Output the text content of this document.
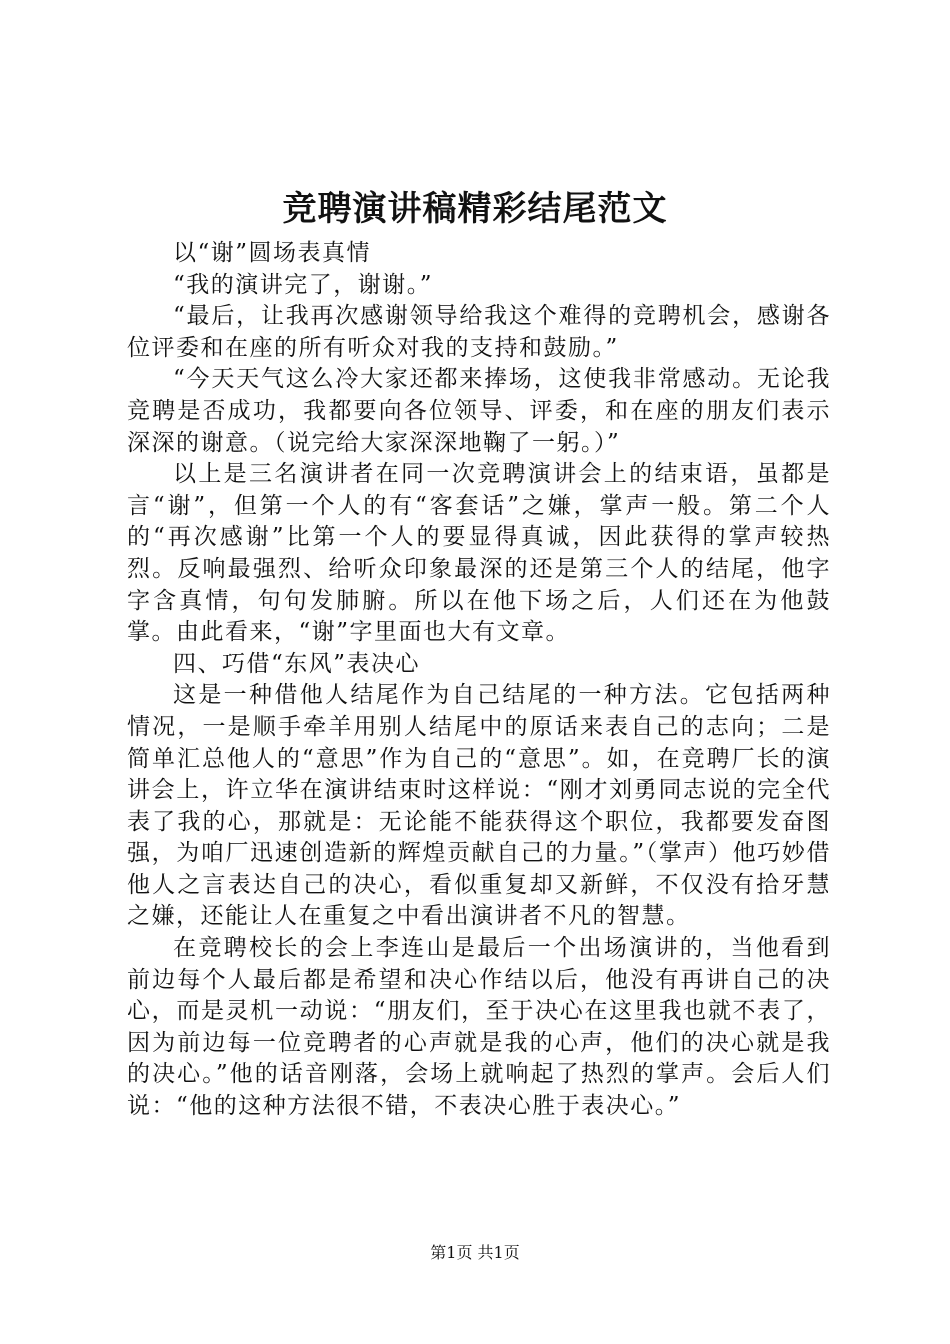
竞聘演讲稿精彩结尾范文

以“谢”圆场表真情

“我的演讲完了，谢谢。”

“最后，让我再次感谢领导给我这个难得的竞聘机会，感谢各位评委和在座的所有听众对我的支持和鼓励。”

“今天天气这么冷大家还都来捧场，这使我非常感动。无论我竞聘是否成功，我都要向各位领导、评委，和在座的朋友们表示深深的谢意。（说完给大家深深地鞠了一躬。）”

以上是三名演讲者在同一次竞聘演讲会上的结束语，虽都是言“谢”，但第一个人的有“客套话”之嫌，掌声一般。第二个人的“再次感谢”比第一个人的要显得真诚，因此获得的掌声较热烈。反响最强烈、给听众印象最深的还是第三个人的结尾，他字字含真情，句句发肺腑。所以在他下场之后，人们还在为他鼓掌。由此看来，“谢”字里面也大有文章。

四、巧借“东风”表决心

这是一种借他人结尾作为自己结尾的一种方法。它包括两种情况，一是顺手牵羊用别人结尾中的原话来表自己的志向；二是简单汇总他人的“意思”作为自己的“意思”。如，在竞聘厂长的演讲会上，许立华在演讲结束时这样说：“刚才刘勇同志说的完全代表了我的心，那就是：无论能不能获得这个职位，我都要发奋图强，为咱厂迅速创造新的辉煌贡献自己的力量。”（掌声）他巧妙借他人之言表达自己的决心，看似重复却又新鲜，不仅没有拾牙慧之嫌，还能让人在重复之中看出演讲者不凡的智慧。

在竞聘校长的会上李连山是最后一个出场演讲的，当他看到前边每个人最后都是希望和决心作结以后，他没有再讲自己的决心，而是灵机一动说：“朋友们，至于决心在这里我也就不表了，因为前边每一位竞聘者的心声就是我的心声，他们的决心就是我的决心。”他的话音刚落，会场上就响起了热烈的掌声。会后人们说：“他的这种方法很不错，不表决心胜于表决心。”

第1页 共1页
